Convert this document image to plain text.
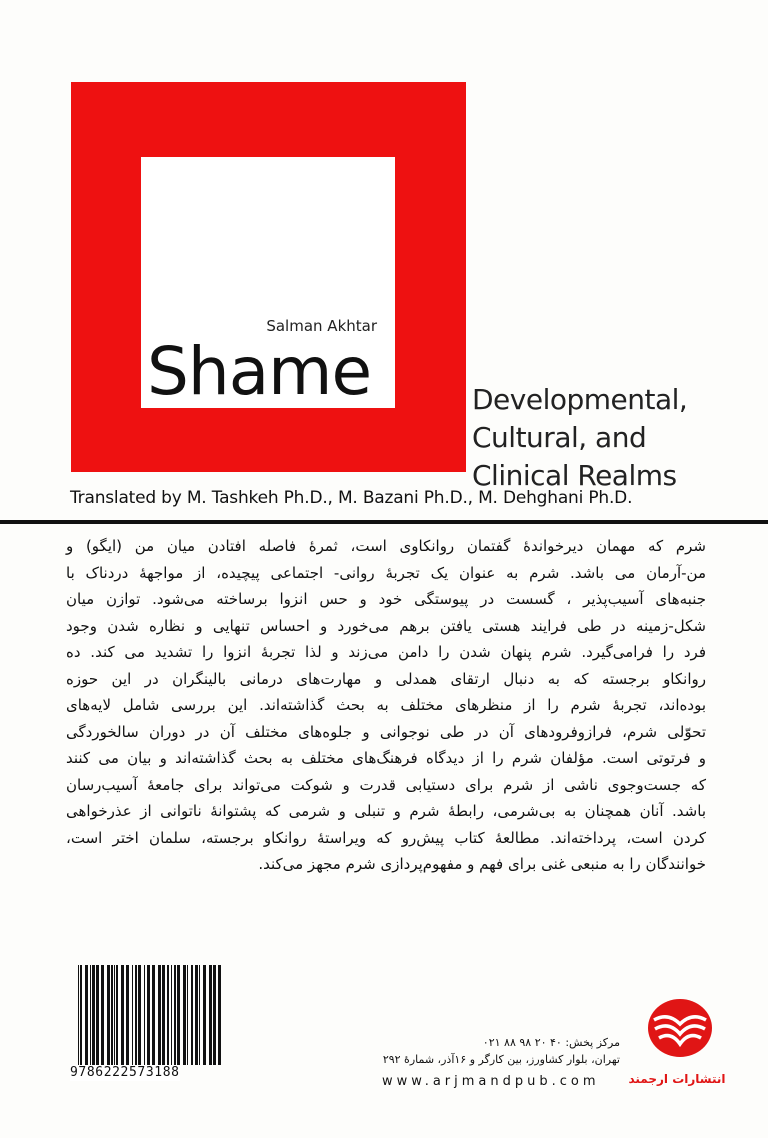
Salman Akhtar
Shame	Developmental,
Cultural, and
Clinical Realms
Translated by M. Tashkeh Ph.D., M. Bazani Ph.D., M. Dehghani Ph.D.
شرم که مهمان دیرخواندهٔ گفتمان روانکاوی است، ثمرهٔ فاصله افتادن میان من (ایگو) و
من-آرمان می باشد. شرم به عنوان یک تجربهٔ روانی- اجتماعی پیچیده، از مواجههٔ دردناک با
جنبه‌های آسیب‌پذیر ، گسست در پیوستگی خود و حس انزوا برساخته می‌شود. توازن میان
شکل-زمینه در طی فرایند هستی یافتن برهم می‌خورد و احساس تنهایی و نظاره شدن وجود
فرد را فرامی‌گیرد. شرم پنهان شدن را دامن می‌زند و لذا تجربهٔ انزوا را تشدید می کند. ده
روانکاو برجسته که به دنبال ارتقای همدلی و مهارت‌های درمانی بالینگران در این حوزه
بوده‌اند، تجربهٔ شرم را از منظرهای مختلف به بحث گذاشته‌اند. این بررسی شامل لایه‌های
تحوّلی شرم، فرازوفرودهای آن در طی نوجوانی و جلوه‌های مختلف آن در دوران سالخوردگی
و فرتوتی است. مؤلفان شرم را از دیدگاه فرهنگ‌های مختلف به بحث گذاشته‌اند و بیان می کنند
که جست‌وجوی ناشی از شرم برای دستیابی قدرت و شوکت می‌تواند برای جامعهٔ آسیب‌رسان
باشد. آنان همچنان به بی‌شرمی، رابطهٔ شرم و تنبلی و شرمی که پشتوانهٔ ناتوانی از عذرخواهی
کردن است، پرداخته‌اند. مطالعهٔ کتاب پیش‌رو که ویراستهٔ روانکاو برجسته، سلمان اختر است،
خوانندگان را به منبعی غنی برای فهم و مفهوم‌پردازی شرم مجهز می‌کند.
9786222573188
مرکز پخش: ۴۰ ۲۰ ۹۸ ۸۸ ۰۲۱
تهران، بلوار کشاورز، بین کارگر و ۱۶آذر، شمارهٔ ۲۹۲
www.arjmandpub.com انتشارات ارجمند
